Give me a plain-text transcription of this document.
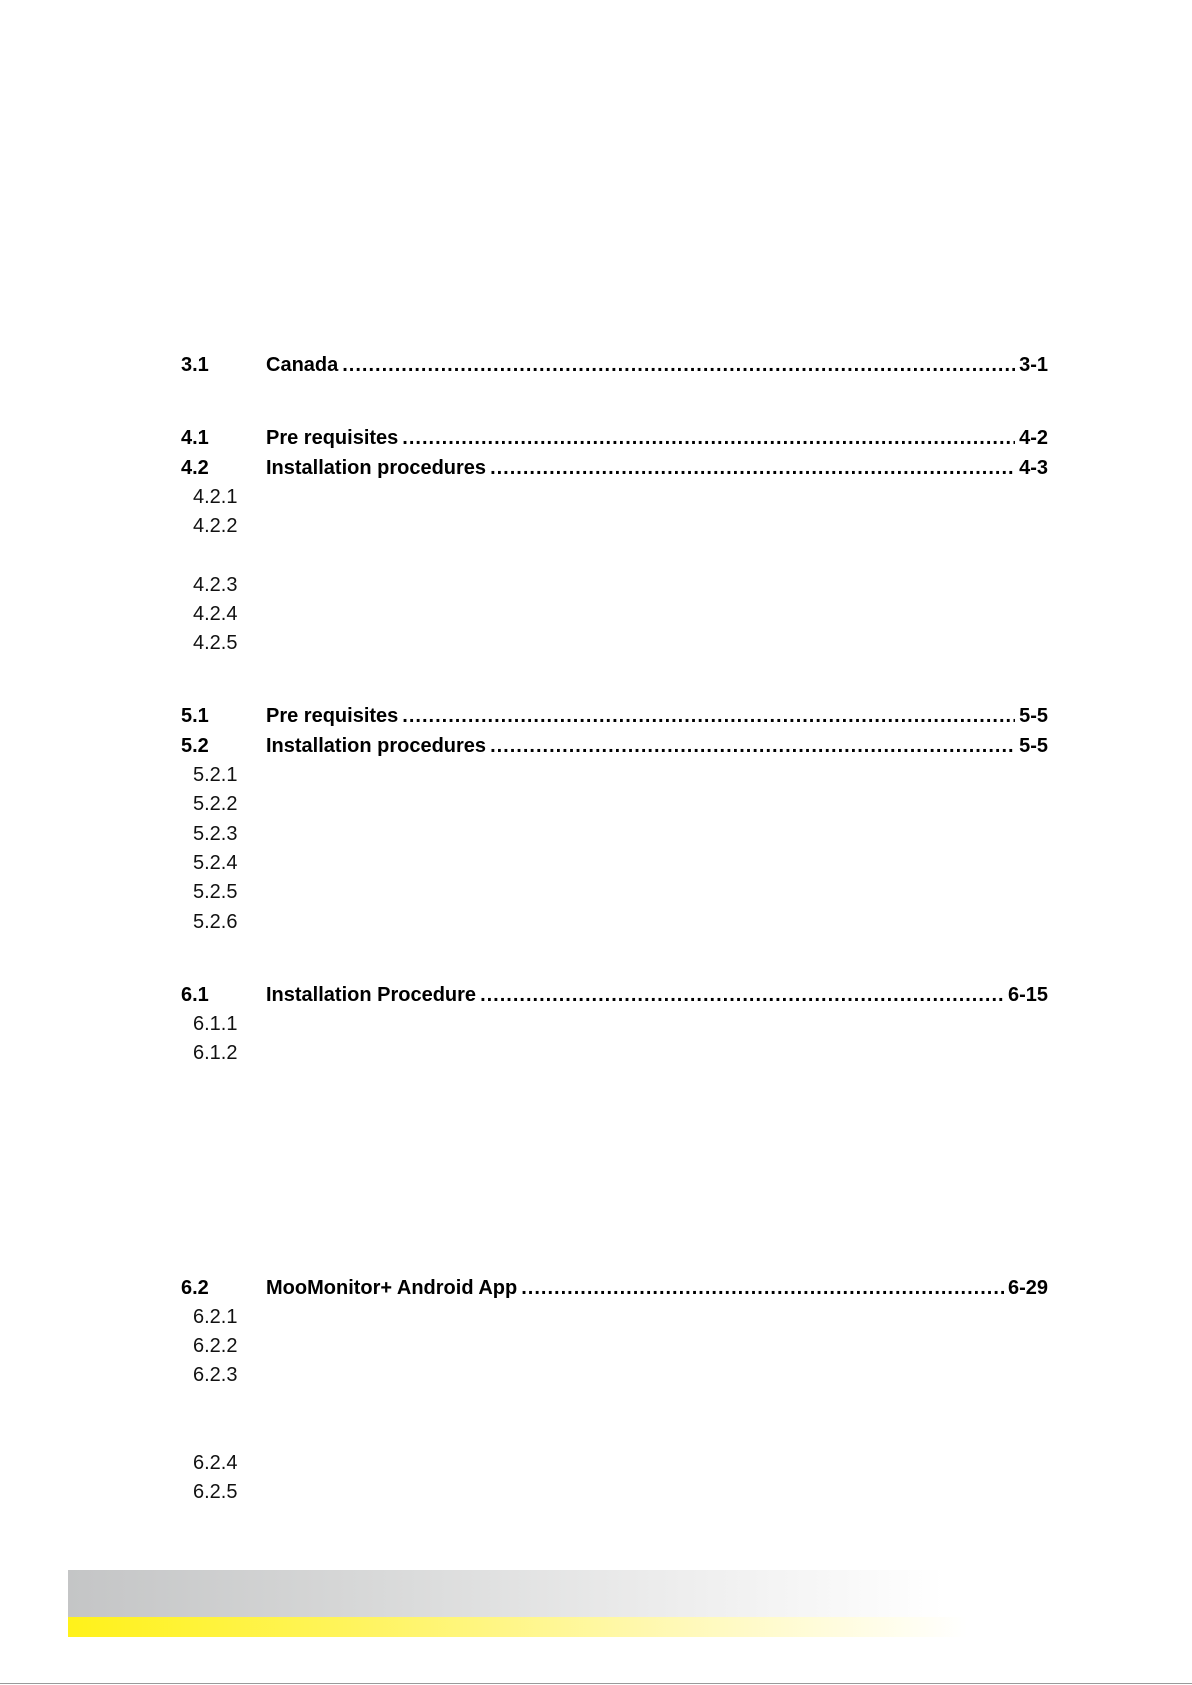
3.1	Canada .....	3-1
4.1	Pre requisites .....	4-2
4.2	Installation procedures .....	4-3
4.2.1
4.2.2
4.2.3
4.2.4
4.2.5
5.1	Pre requisites .....	5-5
5.2	Installation procedures .....	5-5
5.2.1
5.2.2
5.2.3
5.2.4
5.2.5
5.2.6
6.1	Installation Procedure .....	6-15
6.1.1
6.1.2
6.2	MooMonitor+ Android App .....	6-29
6.2.1
6.2.2
6.2.3
6.2.4
6.2.5
